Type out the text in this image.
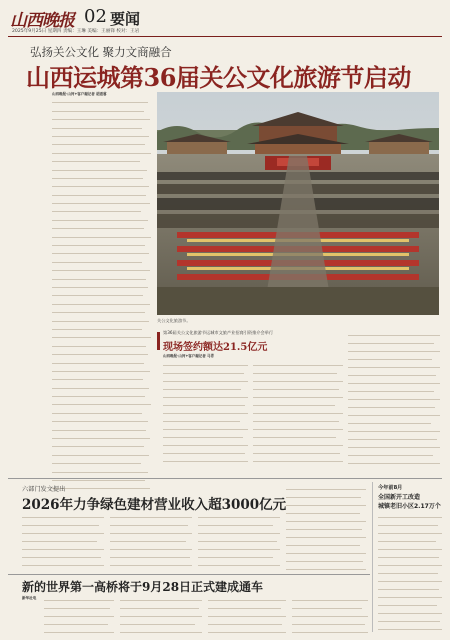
山西晚报 02 要闻
2025年9月25日 星期四 责编：王琳 美编：王丽锋 校对：王岩
弘扬关公文化 聚力文商融合
山西运城第36届关公文化旅游节启动
山西晚报·山河+客户端记者 胡道睿
关公文化旅游节。
第36届关公文化旅游节运城市文旅产业招商引资推介会举行
现场签约额达21.5亿元
山西晚报·山河+客户端记者 马青
六部门发文提出
2026年力争绿色建材营业收入超3000亿元
今年前8月
全国新开工改造
城镇老旧小区2.17万个
新的世界第一高桥将于9月28日正式建成通车
新华社电
